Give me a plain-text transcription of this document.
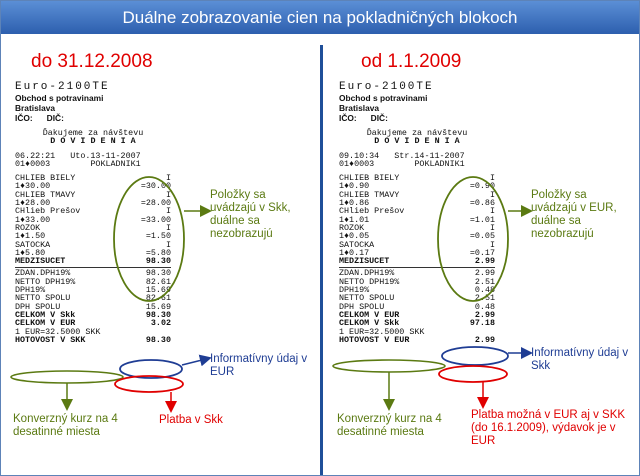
Duálne zobrazovanie cien na pokladničných blokoch
do 31.12.2008	od 1.1.2009
Euro-2100TE
Obchod s potravinami
Bratislava
IČO:      DIČ:
Ďakujeme za návštevu
D O V I D E N I A
06.22:21   Uto.13-11-2007
01♦0003        POKLADNIK1
CHLIEB BIELY	I
1♦30.00	=30.00
CHLIEB TMAVY	I
1♦28.00	=28.00
CHlieb Prešov	I
1♦33.00	=33.00
ROZOK	I
1♦1.50	=1.50
SATOCKA	I
1♦5.80	=5.80
MEDZISUCET	98.30
ZDAN.DPH19%	98.30
NETTO DPH19%	82.61
DPH19%	15.69
NETTO SPOLU	82.61
DPH SPOLU	15.69
CELKOM V Skk	98.30
CELKOM V EUR	3.02
1 EUR=32.5000 SKK
HOTOVOST V SKK	98.30
Euro-2100TE
Obchod s potravinami
Bratislava
IČO:      DIČ:
Ďakujeme za návštevu
D O V I D E N I A
09.10:34   Str.14-11-2007
01♦0003        POKLADNIK1
CHLIEB BIELY	I
1♦0.90	=0.90
CHLIEB TMAVY	I
1♦0.86	=0.86
CHlieb Prešov	I
1♦1.01	=1.01
ROZOK	I
1♦0.05	=0.05
SATOCKA	I
1♦0.17	=0.17
MEDZISUCET	2.99
ZDAN.DPH19%	2.99
NETTO DPH19%	2.51
DPH19%	0.48
NETTO SPOLU	2.51
DPH SPOLU	0.48
CELKOM V EUR	2.99
CELKOM V Skk	97.18
1 EUR=32.5000 SKK
HOTOVOST V EUR	2.99
Položky sa uvádzajú v Skk, duálne sa nezobrazujú
Položky sa uvádzajú v EUR, duálne sa nezobrazujú
Informatívny údaj v EUR
Informatívny údaj v Skk
Konverzný kurz na 4 desatinné miesta
Konverzný kurz na 4 desatinné miesta
Platba v Skk	Platba možná v EUR aj v SKK (do 16.1.2009), výdavok je v EUR
